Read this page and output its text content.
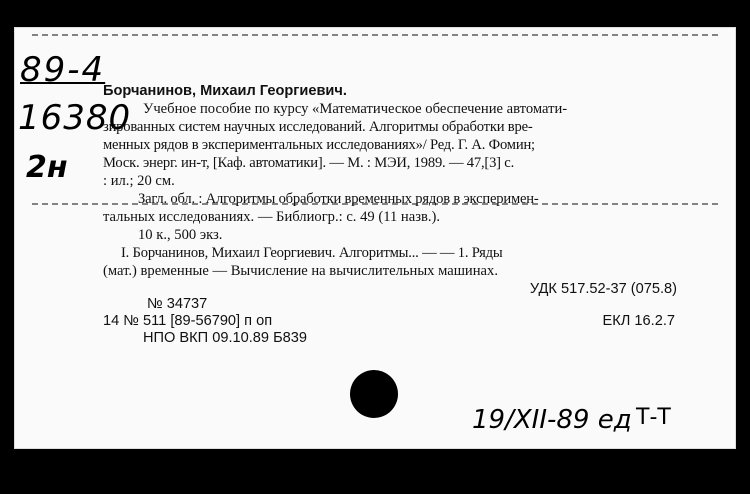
89-4
16380
2н
Борчанинов, Михаил Георгиевич.
Учебное пособие по курсу «Математическое обеспечение автомати-
зированных систем научных исследований. Алгоритмы обработки вре-
менных рядов в экспериментальных исследованиях»/ Ред. Г. А. Фомин;
Моск. энерг. ин-т, [Каф. автоматики]. — М. : МЭИ, 1989. — 47,[3] с.
: ил.; 20 см.
Загл. обл. : Алгоритмы обработки временных рядов в эксперимен-
тальных исследованиях. — Библиогр.: с. 49 (11 назв.).
10 к., 500 экз.
I. Борчанинов, Михаил Георгиевич. Алгоритмы... — — 1. Ряды
(мат.) временные — Вычисление на вычислительных машинах.
УДК 517.52-37 (075.8)
№ 34737
14 № 511 [89-56790] п оп	ЕКЛ 16.2.7
НПО ВКП 09.10.89 Б839
19/XII-89 ед Т-Т
